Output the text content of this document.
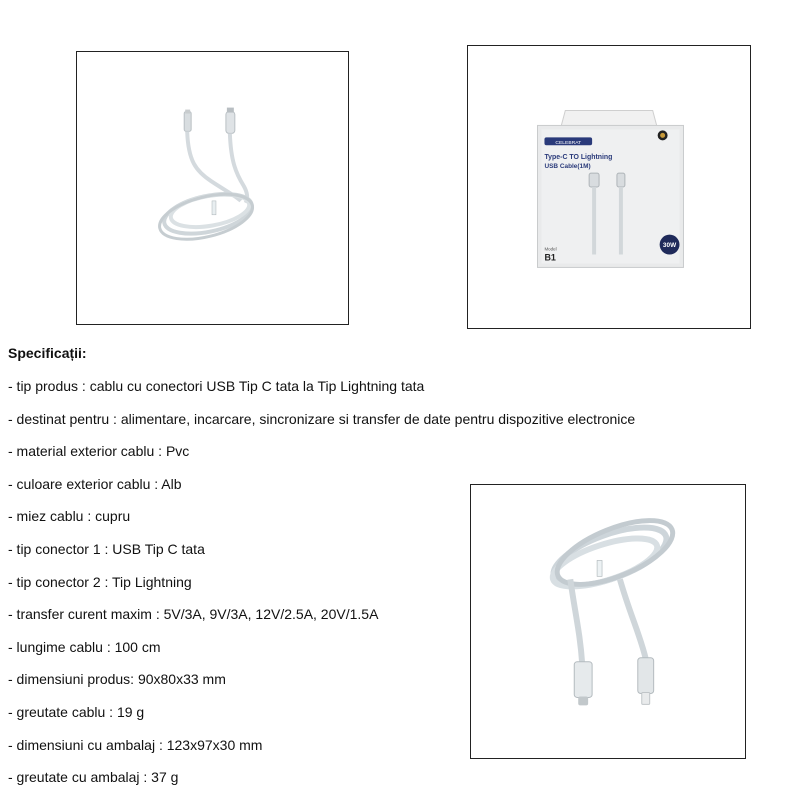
CELEBRAT
Type-C TO Lightning
USB Cable(1M)
Model
B1
30W

Specificații:

- tip produs : cablu cu conectori USB Tip C tata la Tip Lightning tata
- destinat pentru : alimentare, incarcare, sincronizare si transfer de date pentru dispozitive electronice
- material exterior cablu : Pvc
- culoare exterior cablu : Alb
- miez cablu : cupru
- tip conector 1 : USB Tip C tata
- tip conector 2 : Tip Lightning
- transfer curent maxim : 5V/3A, 9V/3A, 12V/2.5A, 20V/1.5A
- lungime cablu : 100 cm
- dimensiuni produs: 90x80x33 mm
- greutate cablu : 19 g
- dimensiuni cu ambalaj : 123x97x30 mm
- greutate cu ambalaj : 37 g
